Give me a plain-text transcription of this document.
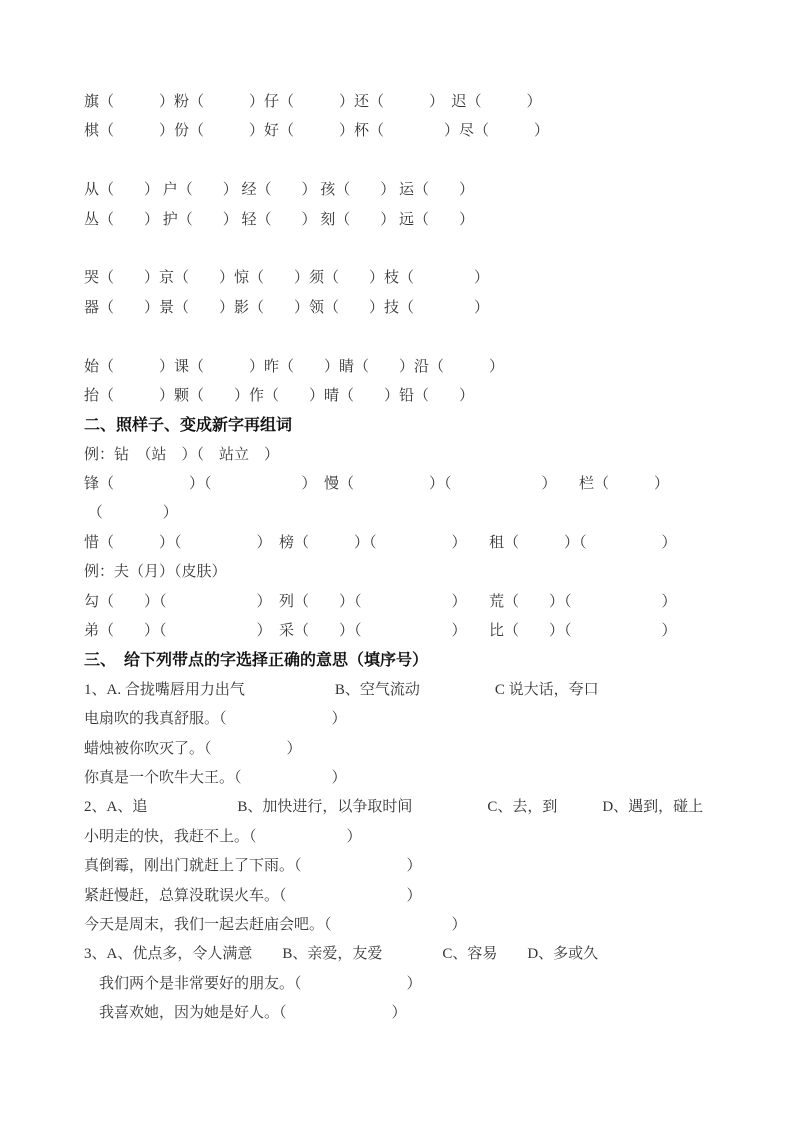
旗（　　　）粉（　　　）仔（　　　）还（　　　）　迟（　　　）
棋（　　　）份（　　　）好（　　　）杯（　　　　）尽（　　　）

从（　　） 户（　　） 经（　　） 孩（　　） 运（　　）
丛（　　） 护（　　） 轻（　　） 刻（　　） 远（　　）

哭（　　）京（　　）惊（　　）须（　　）枝（　　　　）
器（　　）景（　　）影（　　）领（　　）技（　　　　）

始（　　　）课（　　　）昨（　　）睛（　　）沿（　　　）
抬（　　　）颗（　　）作（　　）晴（　　）铅（　　）
二、照样子、变成新字再组词
例：钻　（站　）（　站立　）
锋（　　　　　）（　　　　　　）　慢（　　　　　）（　　　　　　）　　栏（　　　）
（　　　　）
惜（　　　）（　　　　　）　榜（　　　）（　　　　　）　　租（　　　）（　　　　　）
例：夫（月）（皮肤）
勾（　　）（　　　　　　）　列（　　）（　　　　　　）　　荒（　　）（　　　　　　）
弟（　　）（　　　　　　）　采（　　）（　　　　　　）　　比（　　）（　　　　　　）
三、　给下列带点的字选择正确的意思（填序号）
1、A. 合拢嘴唇用力出气　　　　　　B、空气流动　　　　　C 说大话，夸口
电扇吹的我真舒服。（　　　　　　　）
蜡烛被你吹灭了。（　　　　　）
你真是一个吹牛大王。（　　　　　　）
2、A、追　　　　　　B、加快进行，以争取时间　　　　　C、去，到　　　D、遇到，碰上
小明走的快，我赶不上。（　　　　　　）
真倒霉，刚出门就赶上了下雨。（　　　　　　　）
紧赶慢赶，总算没耽误火车。（　　　　　　　　）
今天是周末，我们一起去赶庙会吧。（　　　　　　　　）
3、A、优点多，令人满意　　B、亲爱，友爱　　　　C、容易　　D、多或久
　我们两个是非常要好的朋友。（　　　　　　　）
　我喜欢她，因为她是好人。（　　　　　　　）
